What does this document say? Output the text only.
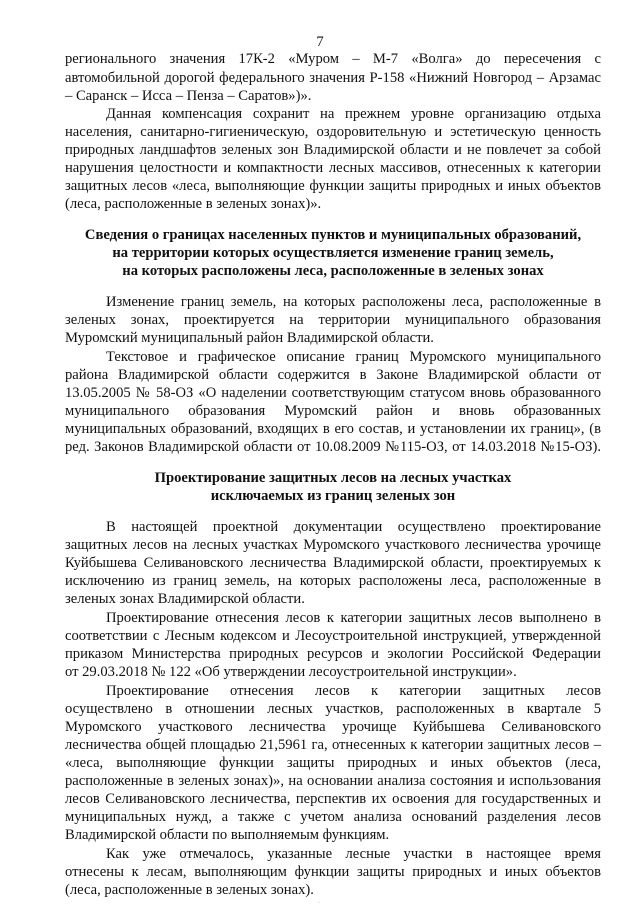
7
регионального значения 17К-2 «Муром – М-7 «Волга» до пересечения с
автомобильной дорогой федерального значения Р-158 «Нижний Новгород – Арзамас
– Саранск – Исса – Пенза – Саратов»)».
Данная компенсация сохранит на прежнем уровне организацию отдыха
населения, санитарно-гигиеническую, оздоровительную и эстетическую ценность
природных ландшафтов зеленых зон Владимирской области и не повлечет за собой
нарушения целостности и компактности лесных массивов, отнесенных к категории
защитных лесов «леса, выполняющие функции защиты природных и иных объектов
(леса, расположенные в зеленых зонах)».
Сведения о границах населенных пунктов и муниципальных образований,
на территории которых осуществляется изменение границ земель,
на которых расположены леса, расположенные в зеленых зонах
Изменение границ земель, на которых расположены леса, расположенные в
зеленых зонах, проектируется на территории муниципального образования
Муромский муниципальный район Владимирской области.
Текстовое и графическое описание границ Муромского муниципального
района Владимирской области содержится в Законе Владимирской области от
13.05.2005 № 58-ОЗ «О наделении соответствующим статусом вновь образованного
муниципального образования Муромский район и вновь образованных
муниципальных образований, входящих в его состав, и установлении их границ», (в
ред. Законов Владимирской области от 10.08.2009 №115-ОЗ, от 14.03.2018 №15-ОЗ).
Проектирование защитных лесов на лесных участках
исключаемых из границ зеленых зон
В настоящей проектной документации осуществлено проектирование
защитных лесов на лесных участках Муромского участкового лесничества урочище
Куйбышева Селивановского лесничества Владимирской области, проектируемых к
исключению из границ земель, на которых расположены леса, расположенные в
зеленых зонах Владимирской области.
Проектирование отнесения лесов к категории защитных лесов выполнено в
соответствии с Лесным кодексом и Лесоустроительной инструкцией, утвержденной
приказом Министерства природных ресурсов и экологии Российской Федерации
от 29.03.2018 № 122 «Об утверждении лесоустроительной инструкции».
Проектирование отнесения лесов к категории защитных лесов
осуществлено в отношении лесных участков, расположенных в квартале 5
Муромского участкового лесничества урочище Куйбышева Селивановского
лесничества общей площадью 21,5961 га, отнесенных к категории защитных лесов –
«леса, выполняющие функции защиты природных и иных объектов (леса,
расположенные в зеленых зонах)», на основании анализа состояния и использования
лесов Селивановского лесничества, перспектив их освоения для государственных и
муниципальных нужд, а также с учетом анализа оснований разделения лесов
Владимирской области по выполняемым функциям.
Как уже отмечалось, указанные лесные участки в настоящее время
отнесены к лесам, выполняющим функции защиты природных и иных объектов
(леса, расположенные в зеленых зонах).
·
